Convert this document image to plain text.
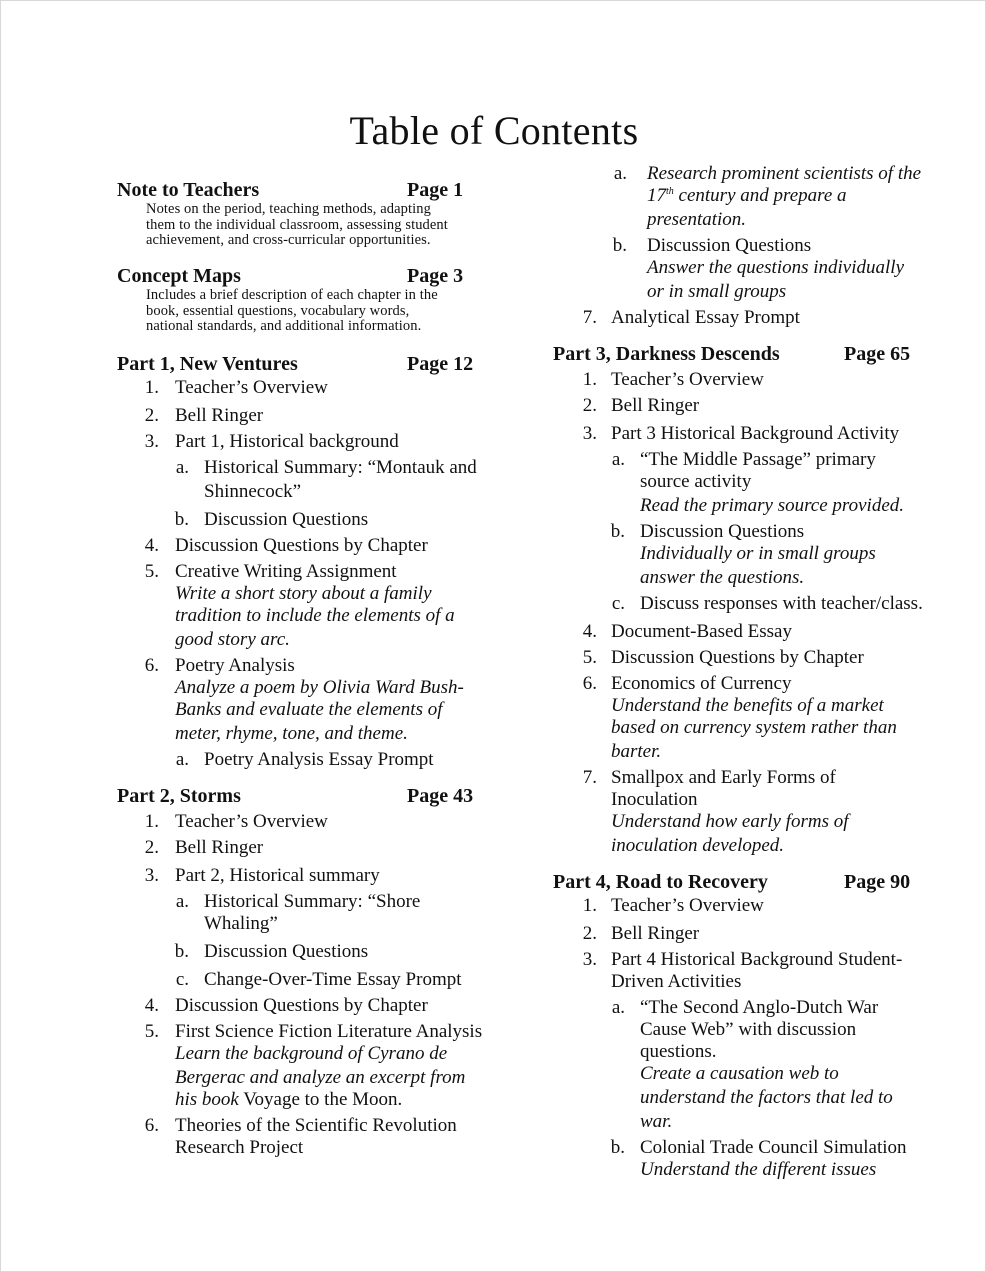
Table of Contents
Note to Teachers	Page 1
Notes on the period, teaching methods, adapting
them to the individual classroom, assessing student
achievement, and cross-curricular opportunities.
Concept Maps	Page 3
Includes a brief description of each chapter in the
book, essential questions, vocabulary words,
national standards, and additional information.
Part 1, New Ventures	Page 12
1. Teacher’s Overview
2. Bell Ringer
3. Part 1, Historical background
a. Historical Summary: “Montauk and
Shinnecock”
b. Discussion Questions
4. Discussion Questions by Chapter
5. Creative Writing Assignment
Write a short story about a family
tradition to include the elements of a
good story arc.
6. Poetry Analysis
Analyze a poem by Olivia Ward Bush-
Banks and evaluate the elements of
meter, rhyme, tone, and theme.
a. Poetry Analysis Essay Prompt
Part 2, Storms	Page 43
1. Teacher’s Overview
2. Bell Ringer
3. Part 2, Historical summary
a. Historical Summary: “Shore
Whaling”
b. Discussion Questions
c. Change-Over-Time Essay Prompt
4. Discussion Questions by Chapter
5. First Science Fiction Literature Analysis
Learn the background of Cyrano de
Bergerac and analyze an excerpt from
his book Voyage to the Moon.
6. Theories of the Scientific Revolution
Research Project
a. Research prominent scientists of the
17th century and prepare a
presentation.
b. Discussion Questions
Answer the questions individually
or in small groups
7. Analytical Essay Prompt
Part 3, Darkness Descends	Page 65
1. Teacher’s Overview
2. Bell Ringer
3. Part 3 Historical Background Activity
a. “The Middle Passage” primary
source activity
Read the primary source provided.
b. Discussion Questions
Individually or in small groups
answer the questions.
c. Discuss responses with teacher/class.
4. Document-Based Essay
5. Discussion Questions by Chapter
6. Economics of Currency
Understand the benefits of a market
based on currency system rather than
barter.
7. Smallpox and Early Forms of
Inoculation
Understand how early forms of
inoculation developed.
Part 4, Road to Recovery	Page 90
1. Teacher’s Overview
2. Bell Ringer
3. Part 4 Historical Background Student-
Driven Activities
a. “The Second Anglo-Dutch War
Cause Web” with discussion
questions.
Create a causation web to
understand the factors that led to
war.
b. Colonial Trade Council Simulation
Understand the different issues
